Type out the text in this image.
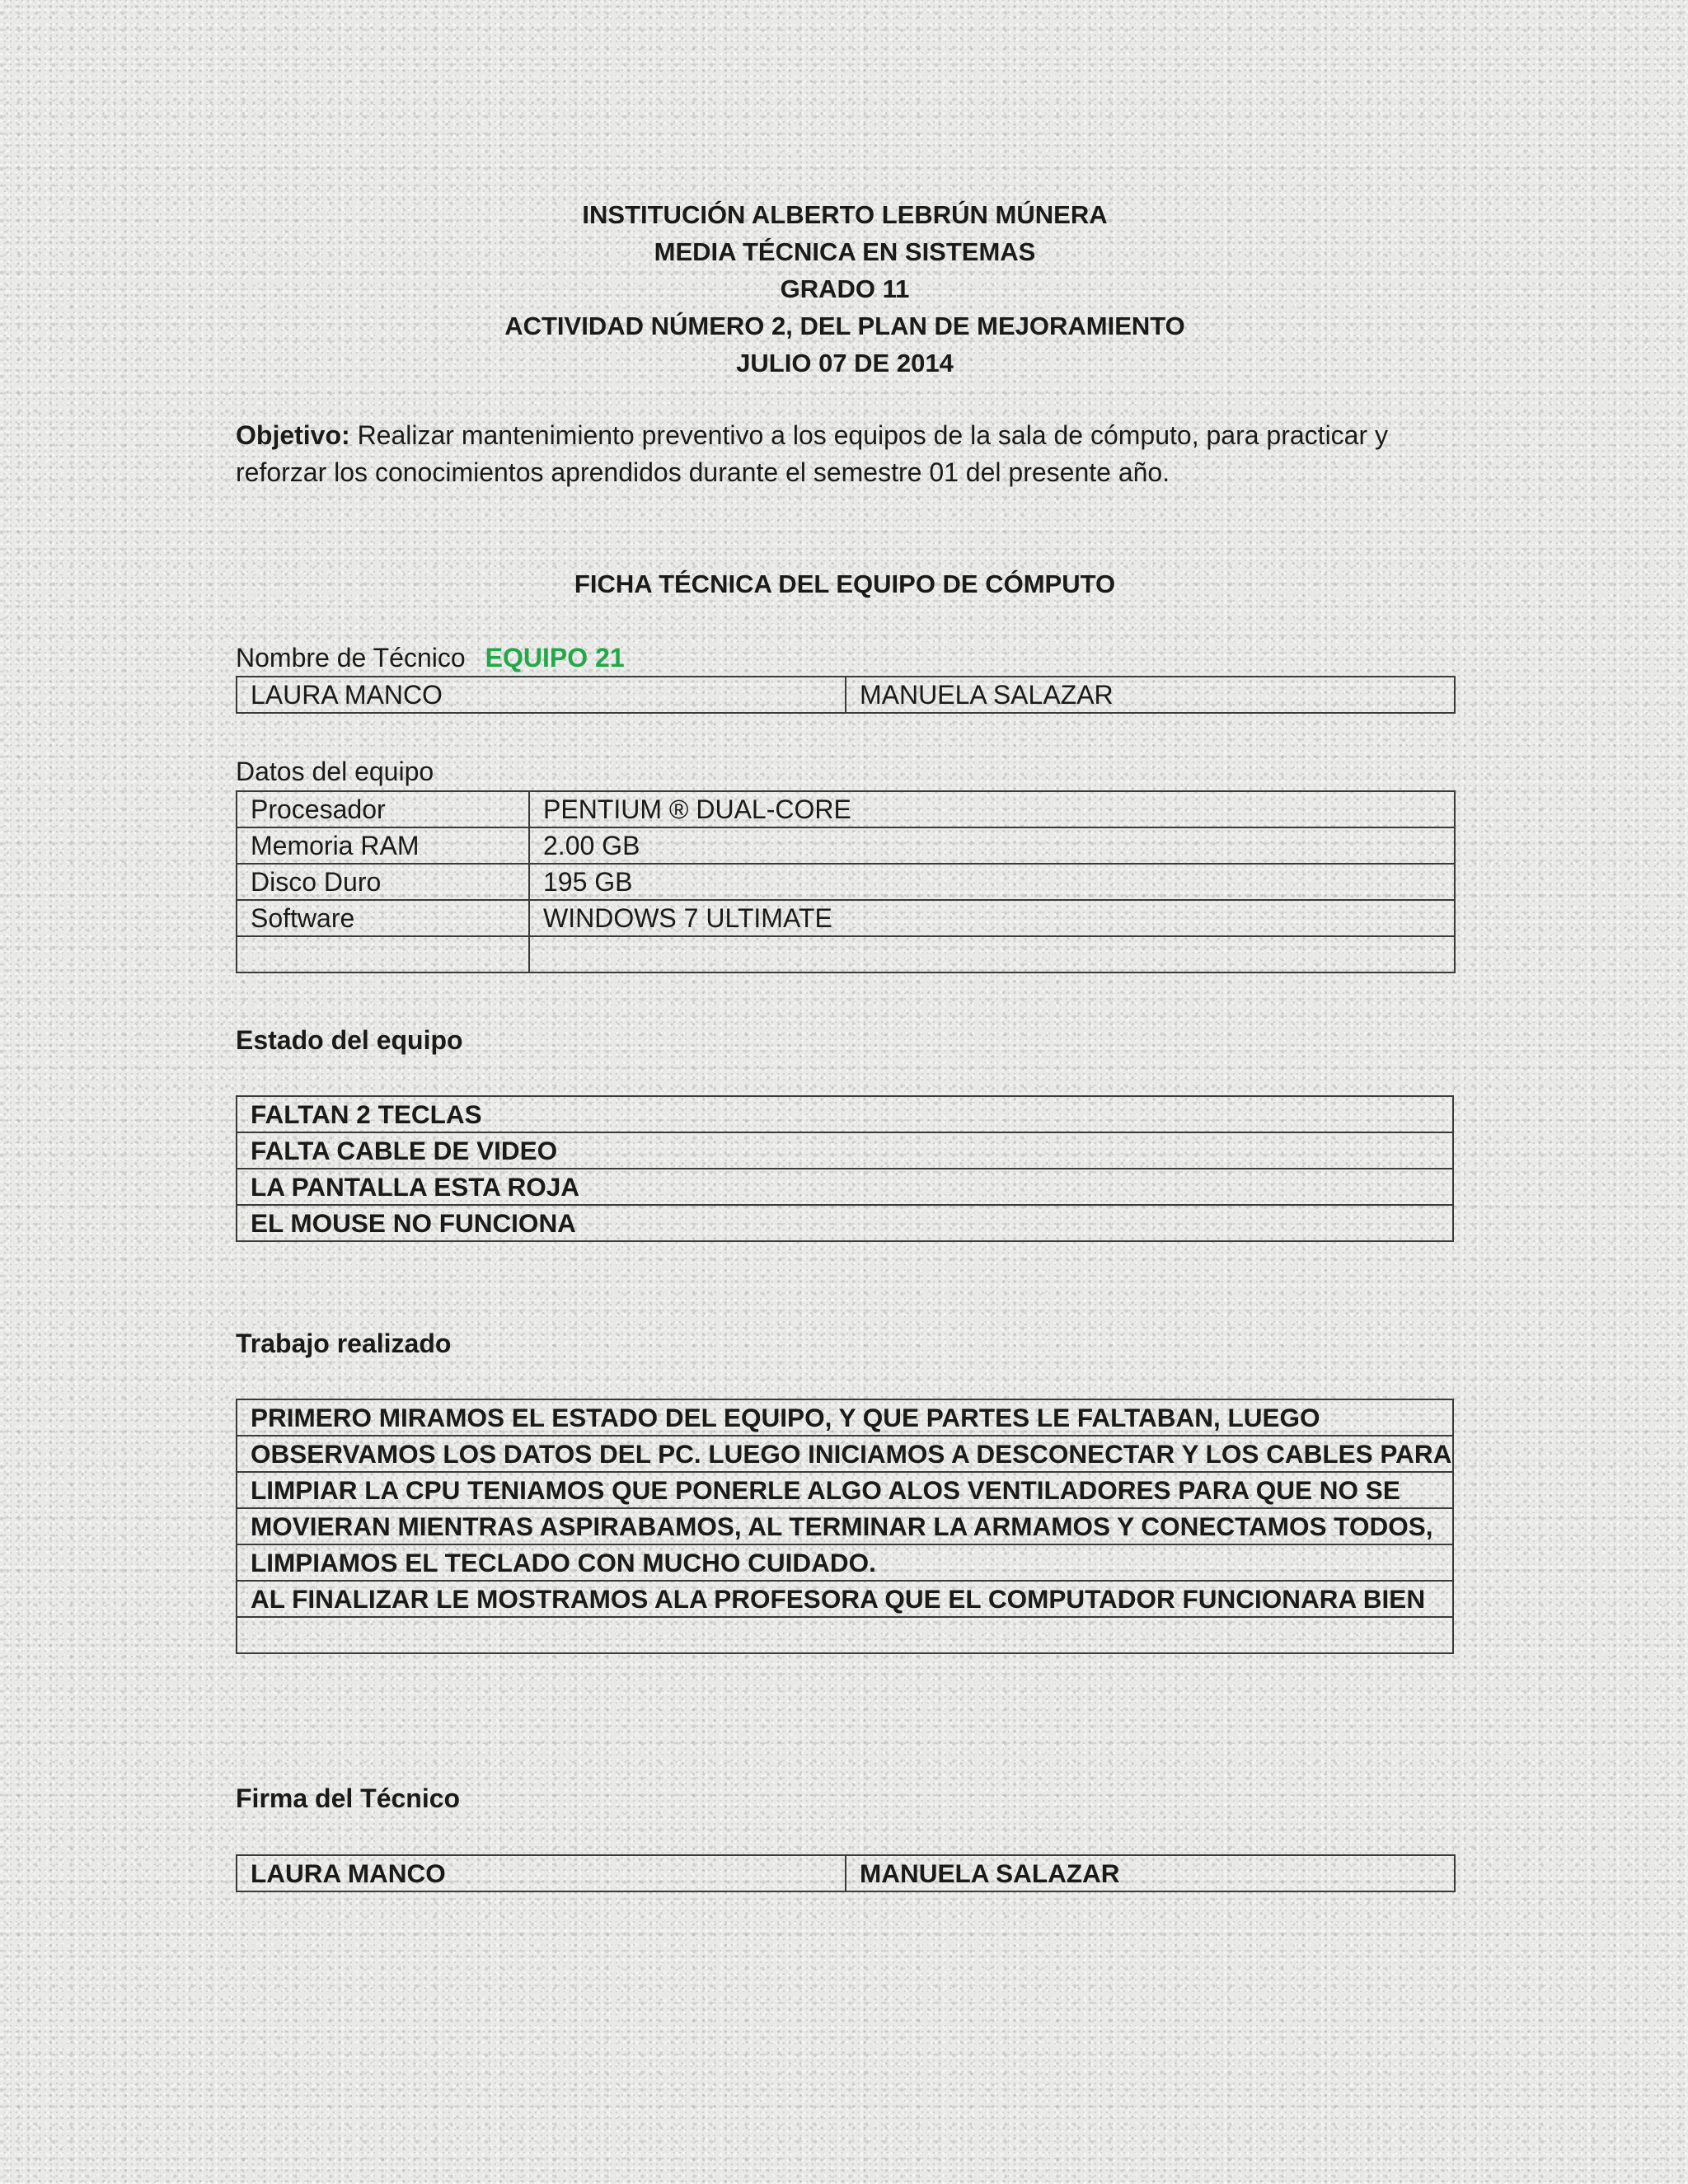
INSTITUCIÓN ALBERTO LEBRÚN MÚNERA
MEDIA TÉCNICA EN SISTEMAS
GRADO 11
ACTIVIDAD NÚMERO 2, DEL PLAN DE MEJORAMIENTO
JULIO 07 DE 2014
Objetivo: Realizar mantenimiento preventivo a los equipos de la sala de cómputo, para practicar y reforzar los conocimientos aprendidos durante el semestre 01 del presente año.
FICHA TÉCNICA DEL EQUIPO DE CÓMPUTO
Nombre de Técnico EQUIPO 21
LAURA MANCO	MANUELA SALAZAR
Datos del equipo
Procesador	PENTIUM ® DUAL-CORE
Memoria RAM	2.00 GB
Disco Duro	195 GB
Software	WINDOWS 7 ULTIMATE

Estado del equipo
FALTAN 2 TECLAS
FALTA CABLE DE VIDEO
LA PANTALLA ESTA ROJA
EL MOUSE NO FUNCIONA
Trabajo realizado
PRIMERO MIRAMOS EL ESTADO DEL EQUIPO, Y QUE PARTES LE FALTABAN, LUEGO
OBSERVAMOS LOS DATOS DEL PC. LUEGO INICIAMOS A DESCONECTAR Y LOS CABLES PARA
LIMPIAR LA CPU TENIAMOS QUE PONERLE ALGO ALOS VENTILADORES PARA QUE NO SE
MOVIERAN MIENTRAS ASPIRABAMOS, AL TERMINAR LA ARMAMOS Y CONECTAMOS TODOS,
LIMPIAMOS EL TECLADO CON MUCHO CUIDADO.
AL FINALIZAR LE MOSTRAMOS ALA PROFESORA QUE EL COMPUTADOR FUNCIONARA BIEN

Firma del Técnico
LAURA MANCO	MANUELA SALAZAR
